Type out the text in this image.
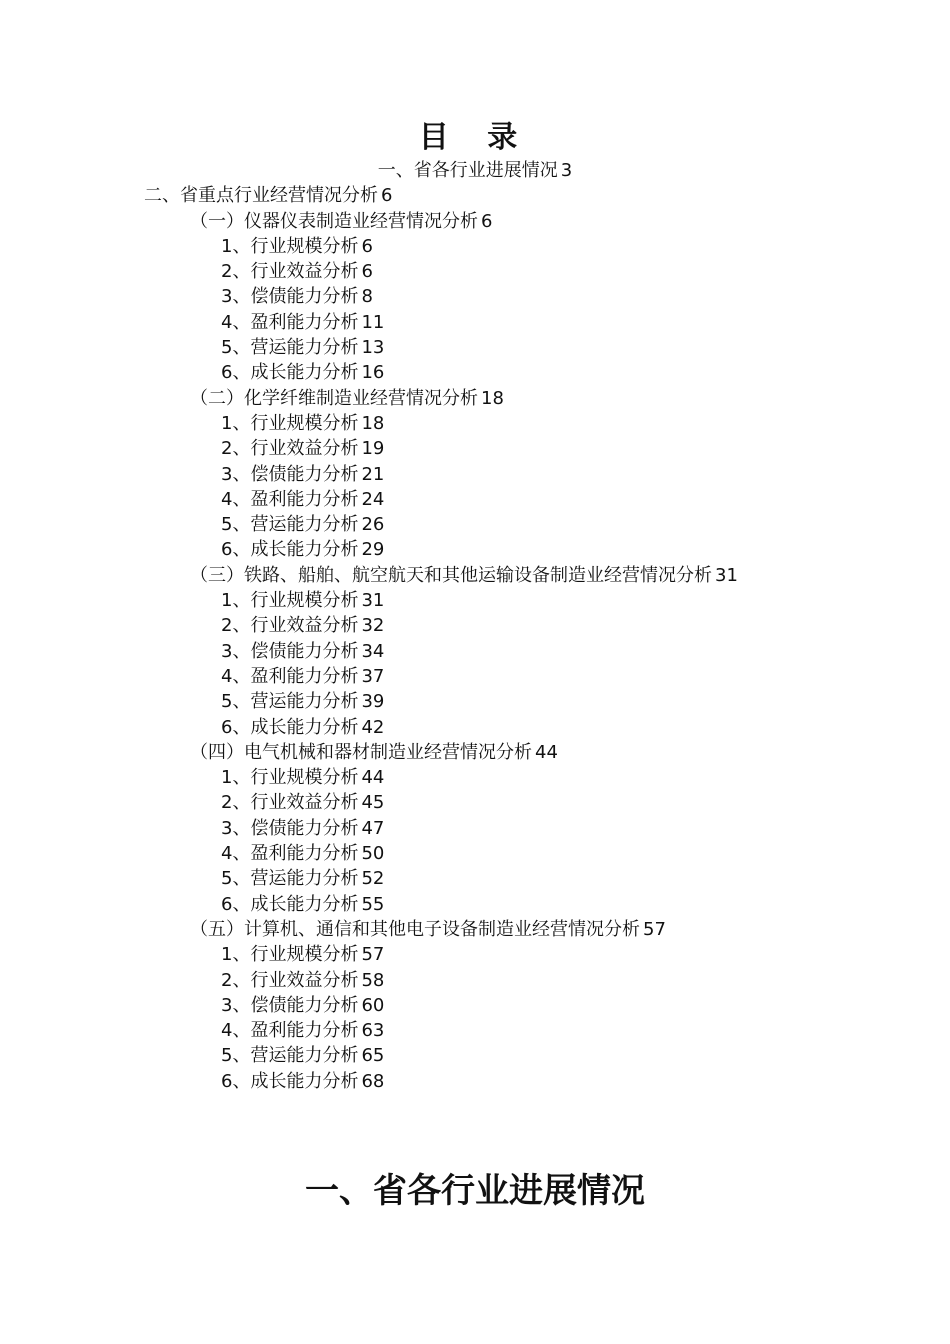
目 录
一、省各行业进展情况 3
二、省重点行业经营情况分析 6
（一）仪器仪表制造业经营情况分析 6
1、行业规模分析 6
2、行业效益分析 6
3、偿债能力分析 8
4、盈利能力分析 11
5、营运能力分析 13
6、成长能力分析 16
（二）化学纤维制造业经营情况分析 18
1、行业规模分析 18
2、行业效益分析 19
3、偿债能力分析 21
4、盈利能力分析 24
5、营运能力分析 26
6、成长能力分析 29
（三）铁路、船舶、航空航天和其他运输设备制造业经营情况分析 31
1、行业规模分析 31
2、行业效益分析 32
3、偿债能力分析 34
4、盈利能力分析 37
5、营运能力分析 39
6、成长能力分析 42
（四）电气机械和器材制造业经营情况分析 44
1、行业规模分析 44
2、行业效益分析 45
3、偿债能力分析 47
4、盈利能力分析 50
5、营运能力分析 52
6、成长能力分析 55
（五）计算机、通信和其他电子设备制造业经营情况分析 57
1、行业规模分析 57
2、行业效益分析 58
3、偿债能力分析 60
4、盈利能力分析 63
5、营运能力分析 65
6、成长能力分析 68
一、省各行业进展情况
